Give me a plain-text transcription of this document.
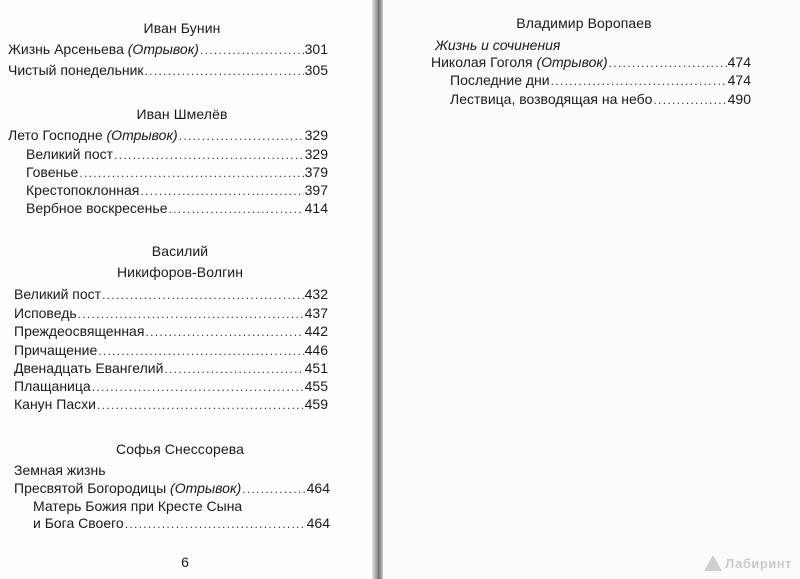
Иван Бунин
Жизнь Арсеньева (Отрывок) .....	301
Чистый понедельник .....	305
Иван Шмелёв
Лето Господне (Отрывок) .....	329
Великий пост .....	329
Говенье .....	379
Крестопоклонная .....	397
Вербное воскресенье .....	414
Василий
Никифоров-Волгин
Великий пост .....	432
Исповедь .....	437
Преждеосвященная .....	442
Причащение .....	446
Двенадцать Евангелий .....	451
Плащаница .....	455
Канун Пасхи .....	459
Софья Снессорева
Земная жизнь
Пресвятой Богородицы (Отрывок) .....	464
Матерь Божия при Кресте Сына
и Бога Своего .....	464
6
Владимир Воропаев
Жизнь и сочинения
Николая Гоголя (Отрывок) .....	474
Последние дни .....	474
Лествица, возводящая на небо .....	490
Лабиринт
